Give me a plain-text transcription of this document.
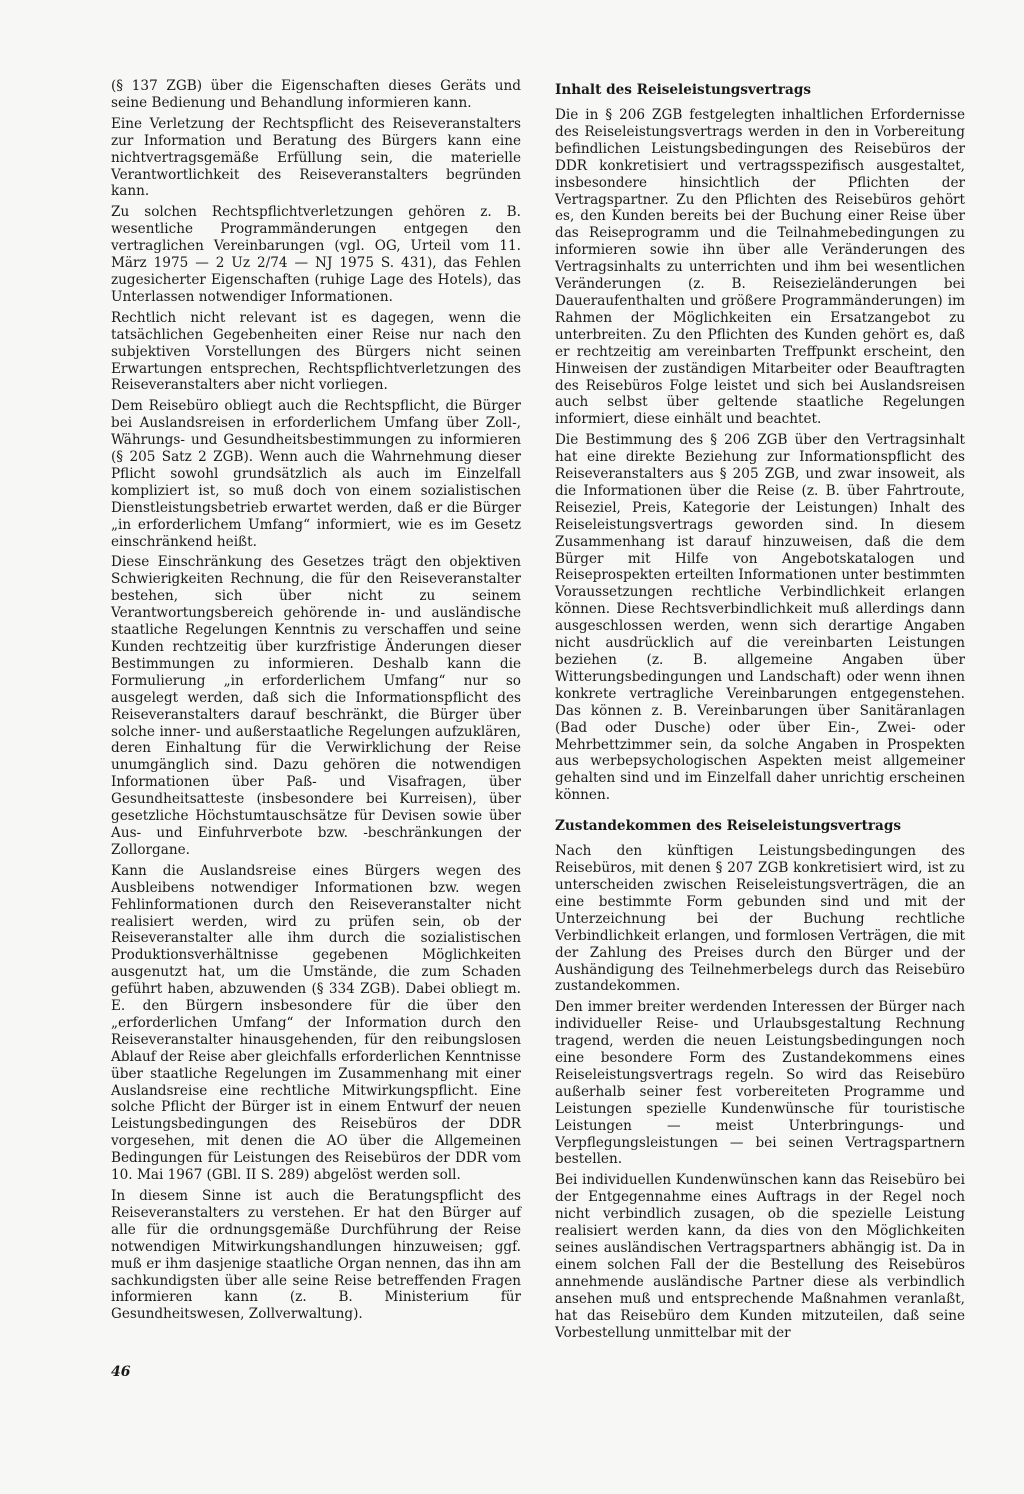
(§ 137 ZGB) über die Eigenschaften dieses Geräts und seine Bedienung und Behandlung informieren kann.

Eine Verletzung der Rechtspflicht des Reiseveranstalters zur Information und Beratung des Bürgers kann eine nichtvertragsgemäße Erfüllung sein, die materielle Verantwortlichkeit des Reiseveranstalters begründen kann.

Zu solchen Rechtspflichtverletzungen gehören z. B. wesentliche Programmänderungen entgegen den vertraglichen Vereinbarungen (vgl. OG, Urteil vom 11. März 1975 — 2 Uz 2/74 — NJ 1975 S. 431), das Fehlen zugesicherter Eigenschaften (ruhige Lage des Hotels), das Unterlassen notwendiger Informationen.

Rechtlich nicht relevant ist es dagegen, wenn die tatsächlichen Gegebenheiten einer Reise nur nach den subjektiven Vorstellungen des Bürgers nicht seinen Erwartungen entsprechen, Rechtspflichtverletzungen des Reiseveranstalters aber nicht vorliegen.

Dem Reisebüro obliegt auch die Rechtspflicht, die Bürger bei Auslandsreisen in erforderlichem Umfang über Zoll-, Währungs- und Gesundheitsbestimmungen zu informieren (§ 205 Satz 2 ZGB). Wenn auch die Wahrnehmung dieser Pflicht sowohl grundsätzlich als auch im Einzelfall kompliziert ist, so muß doch von einem sozialistischen Dienstleistungsbetrieb erwartet werden, daß er die Bürger „in erforderlichem Umfang“ informiert, wie es im Gesetz einschränkend heißt.

Diese Einschränkung des Gesetzes trägt den objektiven Schwierigkeiten Rechnung, die für den Reiseveranstalter bestehen, sich über nicht zu seinem Verantwortungsbereich gehörende in- und ausländische staatliche Regelungen Kenntnis zu verschaffen und seine Kunden rechtzeitig über kurzfristige Änderungen dieser Bestimmungen zu informieren. Deshalb kann die Formulierung „in erforderlichem Umfang“ nur so ausgelegt werden, daß sich die Informationspflicht des Reiseveranstalters darauf beschränkt, die Bürger über solche inner- und außerstaatliche Regelungen aufzuklären, deren Einhaltung für die Verwirklichung der Reise unumgänglich sind. Dazu gehören die notwendigen Informationen über Paß- und Visafragen, über Gesundheitsatteste (insbesondere bei Kurreisen), über gesetzliche Höchstumtauschsätze für Devisen sowie über Aus- und Einfuhrverbote bzw. -beschränkungen der Zollorgane.

Kann die Auslandsreise eines Bürgers wegen des Ausbleibens notwendiger Informationen bzw. wegen Fehlinformationen durch den Reiseveranstalter nicht realisiert werden, wird zu prüfen sein, ob der Reiseveranstalter alle ihm durch die sozialistischen Produktionsverhältnisse gegebenen Möglichkeiten ausgenutzt hat, um die Umstände, die zum Schaden geführt haben, abzuwenden (§ 334 ZGB). Dabei obliegt m. E. den Bürgern insbesondere für die über den „erforderlichen Umfang“ der Information durch den Reiseveranstalter hinausgehenden, für den reibungslosen Ablauf der Reise aber gleichfalls erforderlichen Kenntnisse über staatliche Regelungen im Zusammenhang mit einer Auslandsreise eine rechtliche Mitwirkungspflicht. Eine solche Pflicht der Bürger ist in einem Entwurf der neuen Leistungsbedingungen des Reisebüros der DDR vorgesehen, mit denen die AO über die Allgemeinen Bedingungen für Leistungen des Reisebüros der DDR vom 10. Mai 1967 (GBl. II S. 289) abgelöst werden soll.

In diesem Sinne ist auch die Beratungspflicht des Reiseveranstalters zu verstehen. Er hat den Bürger auf alle für die ordnungsgemäße Durchführung der Reise notwendigen Mitwirkungshandlungen hinzuweisen; ggf. muß er ihm dasjenige staatliche Organ nennen, das ihn am sachkundigsten über alle seine Reise betreffenden Fragen informieren kann (z. B. Ministerium für Gesundheitswesen, Zollverwaltung).

Inhalt des Reiseleistungsvertrags

Die in § 206 ZGB festgelegten inhaltlichen Erfordernisse des Reiseleistungsvertrags werden in den in Vorbereitung befindlichen Leistungsbedingungen des Reisebüros der DDR konkretisiert und vertragsspezifisch ausgestaltet, insbesondere hinsichtlich der Pflichten der Vertragspartner. Zu den Pflichten des Reisebüros gehört es, den Kunden bereits bei der Buchung einer Reise über das Reiseprogramm und die Teilnahmebedingungen zu informieren sowie ihn über alle Veränderungen des Vertragsinhalts zu unterrichten und ihm bei wesentlichen Veränderungen (z. B. Reisezieländerungen bei Daueraufenthalten und größere Programmänderungen) im Rahmen der Möglichkeiten ein Ersatzangebot zu unterbreiten. Zu den Pflichten des Kunden gehört es, daß er rechtzeitig am vereinbarten Treffpunkt erscheint, den Hinweisen der zuständigen Mitarbeiter oder Beauftragten des Reisebüros Folge leistet und sich bei Auslandsreisen auch selbst über geltende staatliche Regelungen informiert, diese einhält und beachtet.

Die Bestimmung des § 206 ZGB über den Vertragsinhalt hat eine direkte Beziehung zur Informationspflicht des Reiseveranstalters aus § 205 ZGB, und zwar insoweit, als die Informationen über die Reise (z. B. über Fahrtroute, Reiseziel, Preis, Kategorie der Leistungen) Inhalt des Reiseleistungsvertrags geworden sind. In diesem Zusammenhang ist darauf hinzuweisen, daß die dem Bürger mit Hilfe von Angebotskatalogen und Reiseprospekten erteilten Informationen unter bestimmten Voraussetzungen rechtliche Verbindlichkeit erlangen können. Diese Rechtsverbindlichkeit muß allerdings dann ausgeschlossen werden, wenn sich derartige Angaben nicht ausdrücklich auf die vereinbarten Leistungen beziehen (z. B. allgemeine Angaben über Witterungsbedingungen und Landschaft) oder wenn ihnen konkrete vertragliche Vereinbarungen entgegenstehen. Das können z. B. Vereinbarungen über Sanitäranlagen (Bad oder Dusche) oder über Ein-, Zwei- oder Mehrbettzimmer sein, da solche Angaben in Prospekten aus werbepsychologischen Aspekten meist allgemeiner gehalten sind und im Einzelfall daher unrichtig erscheinen können.

Zustandekommen des Reiseleistungsvertrags

Nach den künftigen Leistungsbedingungen des Reisebüros, mit denen § 207 ZGB konkretisiert wird, ist zu unterscheiden zwischen Reiseleistungsverträgen, die an eine bestimmte Form gebunden sind und mit der Unterzeichnung bei der Buchung rechtliche Verbindlichkeit erlangen, und formlosen Verträgen, die mit der Zahlung des Preises durch den Bürger und der Aushändigung des Teilnehmerbelegs durch das Reisebüro zustandekommen.

Den immer breiter werdenden Interessen der Bürger nach individueller Reise- und Urlaubsgestaltung Rechnung tragend, werden die neuen Leistungsbedingungen noch eine besondere Form des Zustandekommens eines Reiseleistungsvertrags regeln. So wird das Reisebüro außerhalb seiner fest vorbereiteten Programme und Leistungen spezielle Kundenwünsche für touristische Leistungen — meist Unterbringungs- und Verpflegungsleistungen — bei seinen Vertragspartnern bestellen.

Bei individuellen Kundenwünschen kann das Reisebüro bei der Entgegennahme eines Auftrags in der Regel noch nicht verbindlich zusagen, ob die spezielle Leistung realisiert werden kann, da dies von den Möglichkeiten seines ausländischen Vertragspartners abhängig ist. Da in einem solchen Fall der die Bestellung des Reisebüros annehmende ausländische Partner diese als verbindlich ansehen muß und entsprechende Maßnahmen veranlaßt, hat das Reisebüro dem Kunden mitzuteilen, daß seine Vorbestellung unmittelbar mit der

46
